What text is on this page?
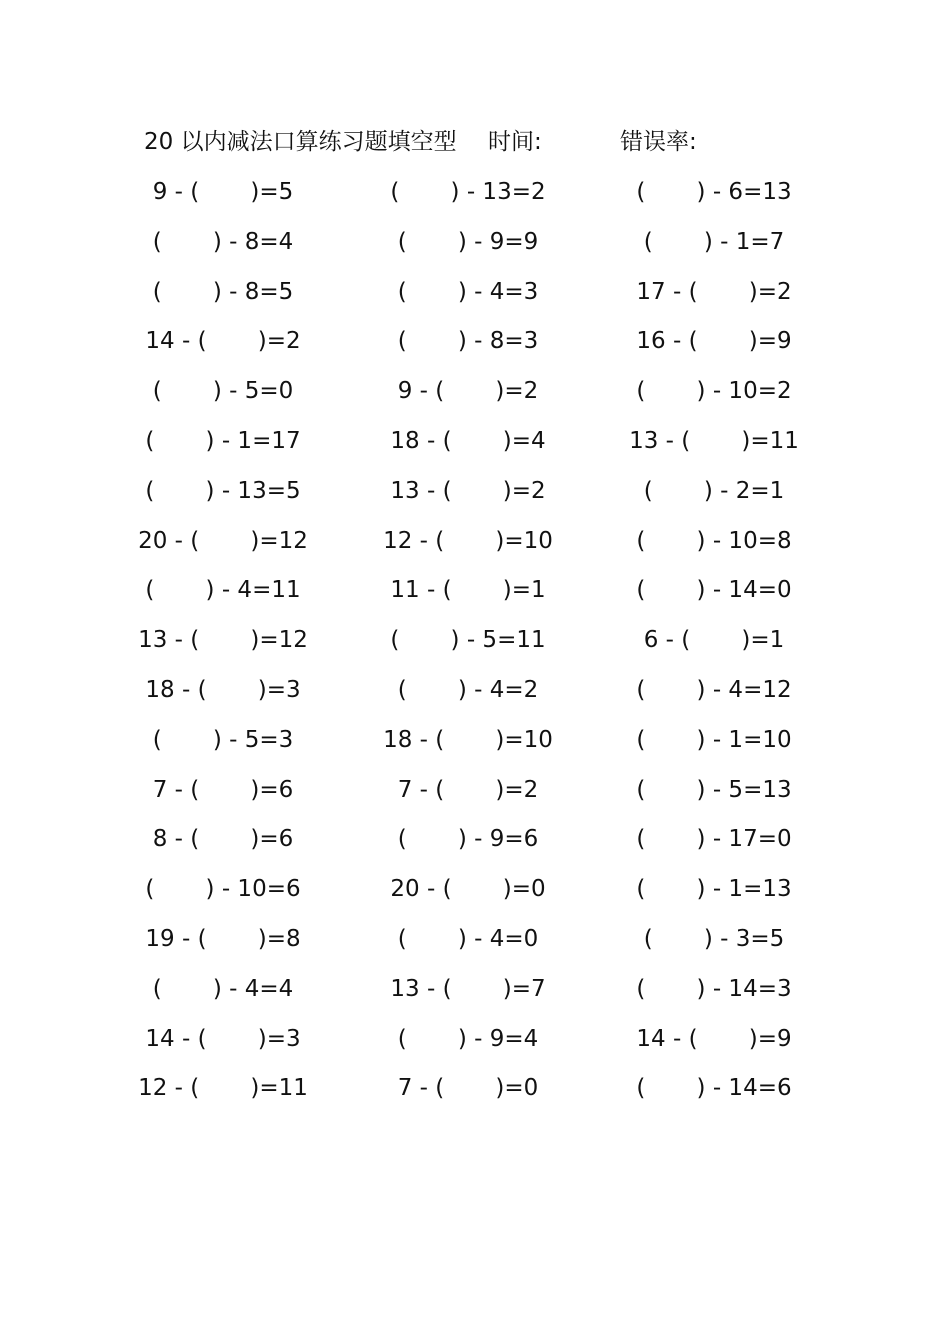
20 以内减法口算练习题填空型 时间:	错误率:
9 - (       )=5	(       ) - 13=2	(       ) - 6=13
(       ) - 8=4	(       ) - 9=9	(       ) - 1=7
(       ) - 8=5	(       ) - 4=3	17 - (       )=2
14 - (       )=2	(       ) - 8=3	16 - (       )=9
(       ) - 5=0	9 - (       )=2	(       ) - 10=2
(       ) - 1=17	18 - (       )=4	13 - (       )=11
(       ) - 13=5	13 - (       )=2	(       ) - 2=1
20 - (       )=12	12 - (       )=10	(       ) - 10=8
(       ) - 4=11	11 - (       )=1	(       ) - 14=0
13 - (       )=12	(       ) - 5=11	6 - (       )=1
18 - (       )=3	(       ) - 4=2	(       ) - 4=12
(       ) - 5=3	18 - (       )=10	(       ) - 1=10
7 - (       )=6	7 - (       )=2	(       ) - 5=13
8 - (       )=6	(       ) - 9=6	(       ) - 17=0
(       ) - 10=6	20 - (       )=0	(       ) - 1=13
19 - (       )=8	(       ) - 4=0	(       ) - 3=5
(       ) - 4=4	13 - (       )=7	(       ) - 14=3
14 - (       )=3	(       ) - 9=4	14 - (       )=9
12 - (       )=11	7 - (       )=0	(       ) - 14=6
